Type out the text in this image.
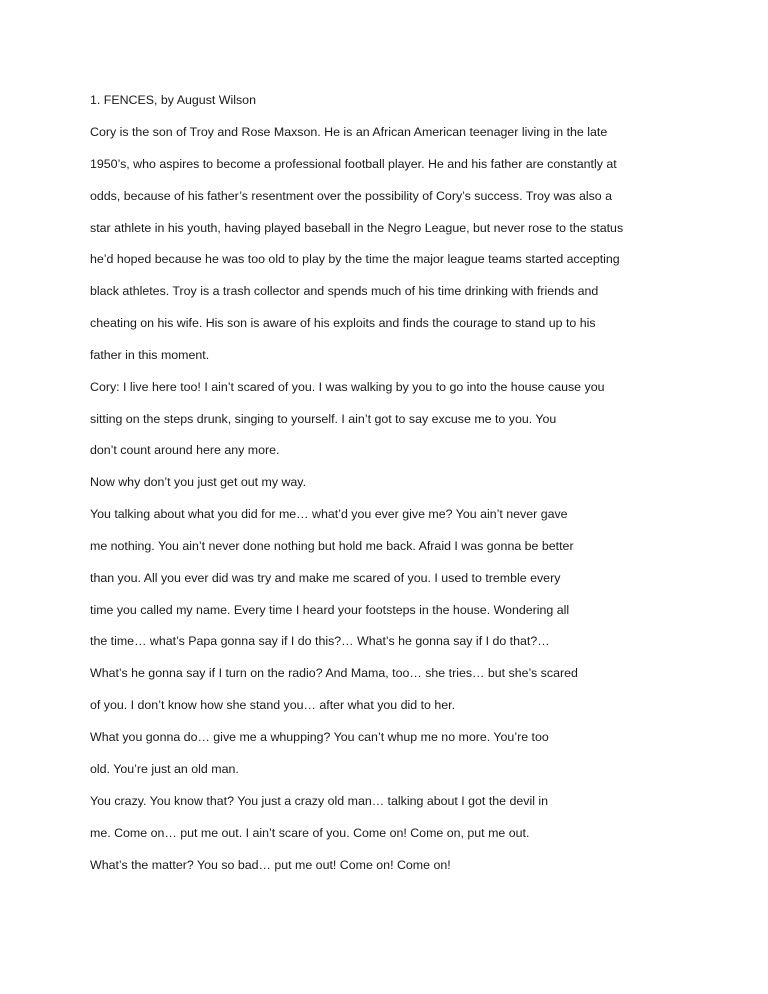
1. FENCES, by August Wilson
Cory is the son of Troy and Rose Maxson. He is an African American teenager living in the late
1950’s, who aspires to become a professional football player. He and his father are constantly at
odds, because of his father’s resentment over the possibility of Cory’s success. Troy was also a
star athlete in his youth, having played baseball in the Negro League, but never rose to the status
he’d hoped because he was too old to play by the time the major league teams started accepting
black athletes. Troy is a trash collector and spends much of his time drinking with friends and
cheating on his wife. His son is aware of his exploits and finds the courage to stand up to his
father in this moment.
Cory: I live here too! I ain’t scared of you. I was walking by you to go into the house cause you
sitting on the steps drunk, singing to yourself. I ain’t got to say excuse me to you. You
don’t count around here any more.
Now why don’t you just get out my way.
You talking about what you did for me… what’d you ever give me? You ain’t never gave
me nothing. You ain’t never done nothing but hold me back. Afraid I was gonna be better
than you. All you ever did was try and make me scared of you. I used to tremble every
time you called my name. Every time I heard your footsteps in the house. Wondering all
the time… what’s Papa gonna say if I do this?… What’s he gonna say if I do that?…
What’s he gonna say if I turn on the radio? And Mama, too… she tries… but she’s scared
of you. I don’t know how she stand you… after what you did to her.
What you gonna do… give me a whupping? You can’t whup me no more. You’re too
old. You’re just an old man.
You crazy. You know that? You just a crazy old man… talking about I got the devil in
me. Come on… put me out. I ain’t scare of you. Come on! Come on, put me out.
What’s the matter? You so bad… put me out! Come on! Come on!
